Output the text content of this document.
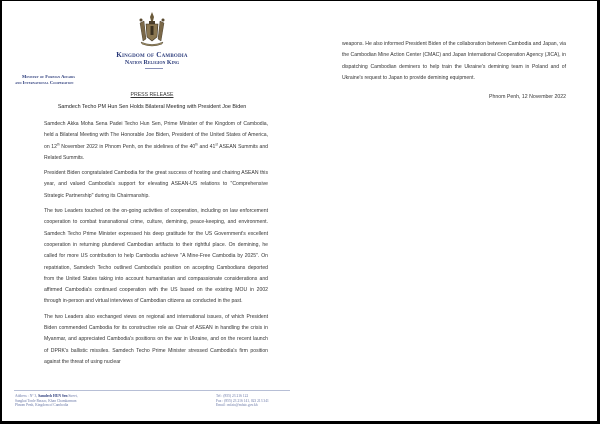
Kingdom of Cambodia
Nation Religion King
Ministry of Foreign Affairs
and International Cooperation
PRESS RELEASE
Samdech Techo PM Hun Sen Holds Bilateral Meeting with President Joe Biden

Samdech Akka Moha Sena Padei Techo Hun Sen, Prime Minister of the Kingdom of Cambodia, held a Bilateral Meeting with The Honorable Joe Biden, President of the United States of America, on 12th November 2022 in Phnom Penh, on the sidelines of the 40th and 41st ASEAN Summits and Related Summits.

President Biden congratulated Cambodia for the great success of hosting and chairing ASEAN this year, and valued Cambodia's support for elevating ASEAN-US relations to "Comprehensive Strategic Partnership" during its Chairmanship.

The two Leaders touched on the on-going activities of cooperation, including on law enforcement cooperation to combat transnational crime, culture, demining, peace-keeping, and environment. Samdech Techo Prime Minister expressed his deep gratitude for the US Government's excellent cooperation in returning plundered Cambodian artifacts to their rightful place. On demining, he called for more US contribution to help Cambodia achieve "A Mine-Free Cambodia by 2025". On repatriation, Samdech Techo outlined Cambodia's position on accepting Cambodians deported from the United States taking into account humanitarian and compassionate considerations and affirmed Cambodia's continued cooperation with the US based on the existing MOU in 2002 through in-person and virtual interviews of Cambodian citizens as conducted in the past.

The two Leaders also exchanged views on regional and international issues, of which President Biden commended Cambodia for its constructive role as Chair of ASEAN in handling the crisis in Myanmar, and appreciated Cambodia's positions on the war in Ukraine, and on the recent launch of DPRK's ballistic missiles. Samdech Techo Prime Minister stressed Cambodia's firm position against the threat of using nuclear

Address : N° 3, Samdech HUN Sen Street,
Sangkat Tonle Bassac, Khan Chamkarmon
Phnom Penh, Kingdom of Cambodia
Tel : (855) 23 216 122
Fax : (855) 23 216 141, 023 213 341
Email : mfaic@mfaic.gov.kh

weapons. He also informed President Biden of the collaboration between Cambodia and Japan, via the Cambodian Mine Action Center (CMAC) and Japan International Cooperation Agency (JICA), in dispatching Cambodian deminers to help train the Ukraine's demining team in Poland and of Ukraine's request to Japan to provide demining equipment.

Phnom Penh, 12 November 2022
